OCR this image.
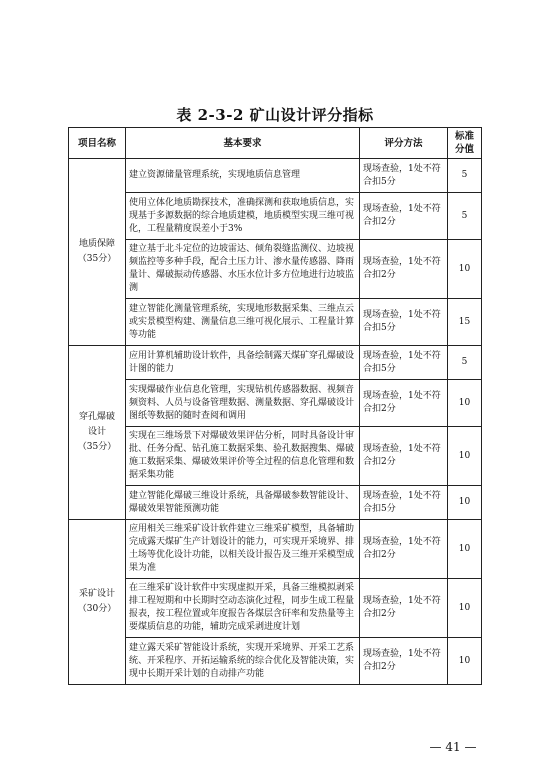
表 2-3-2 矿山设计评分指标
项目名称	基本要求	评分方法	标准分值

地质保障
（35分）	建立资源储量管理系统，实现地质信息管理	现场查验，1处不符合扣5分	5
	使用立体化地质勘探技术，准确探测和获取地质信息，实现基于多源数据的综合地质建模，地质模型实现三维可视化，工程量精度误差小于3%	现场查验，1处不符合扣2分	5
	建立基于北斗定位的边坡雷达、倾角裂缝监测仪、边坡视频监控等多种手段，配合土压力计、渗水量传感器、降雨量计、爆破振动传感器、水压水位计多方位地进行边坡监测	现场查验，1处不符合扣2分	10
	建立智能化测量管理系统，实现地形数据采集、三维点云或实景模型构建、测量信息三维可视化展示、工程量计算等功能	现场查验，1处不符合扣5分	15

穿孔爆破设计
（35分）	应用计算机辅助设计软件，具备绘制露天煤矿穿孔爆破设计图的能力	现场查验，1处不符合扣5分	5
	实现爆破作业信息化管理，实现钻机传感器数据、视频音频资料、人员与设备管理数据、测量数据、穿孔爆破设计图纸等数据的随时查阅和调用	现场查验，1处不符合扣2分	10
	实现在三维场景下对爆破效果评估分析，同时具备设计审批、任务分配、钻孔施工数据采集、验孔数据搜集、爆破施工数据采集、爆破效果评价等全过程的信息化管理和数据采集功能	现场查验，1处不符合扣2分	10
	建立智能化爆破三维设计系统，具备爆破参数智能设计、爆破效果智能预测功能	现场查验，1处不符合扣5分	10

采矿设计
（30分）	应用相关三维采矿设计软件建立三维采矿模型，具备辅助完成露天煤矿生产计划设计的能力，可实现开采境界、排土场等优化设计功能，以相关设计报告及三维开采模型成果为准	现场查验，1处不符合扣2分	10
	在三维采矿设计软件中实现虚拟开采，具备三维模拟剥采排工程短期和中长期时空动态演化过程，同步生成工程量报表，按工程位置或年度报告各煤层含矸率和发热量等主要煤质信息的功能，辅助完成采剥进度计划	现场查验，1处不符合扣2分	10
	建立露天采矿智能设计系统，实现开采境界、开采工艺系统、开采程序、开拓运输系统的综合优化及智能决策，实现中长期开采计划的自动排产功能	现场查验，1处不符合扣2分	10
— 41 —
